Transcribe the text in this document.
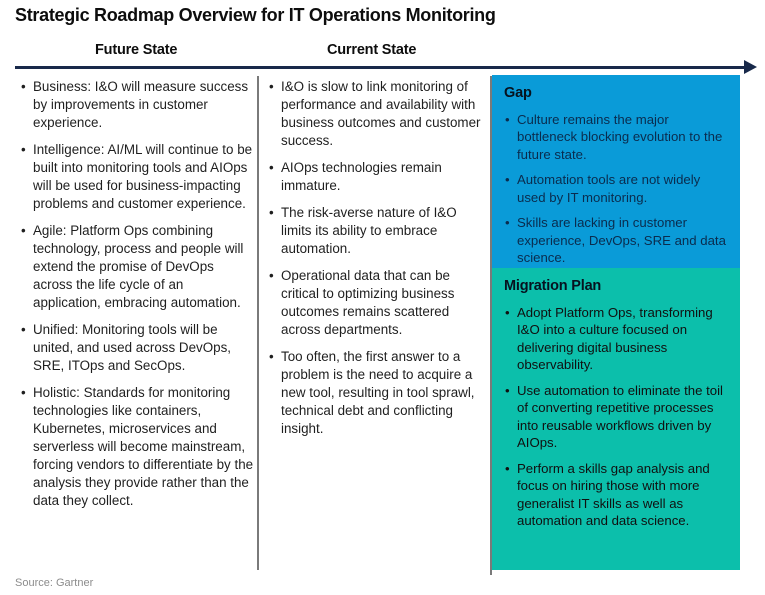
Strategic Roadmap Overview for IT Operations Monitoring
Future State	Current State
• Business: I&O will measure success by improvements in customer experience.
• Intelligence: AI/ML will continue to be built into monitoring tools and AIOps will be used for business-impacting problems and customer experience.
• Agile: Platform Ops combining technology, process and people will extend the promise of DevOps across the life cycle of an application, embracing automation.
• Unified: Monitoring tools will be united, and used across DevOps, SRE, ITOps and SecOps.
• Holistic: Standards for monitoring technologies like containers, Kubernetes, microservices and serverless will become mainstream, forcing vendors to differentiate by the analysis they provide rather than the data they collect.
• I&O is slow to link monitoring of performance and availability with business outcomes and customer success.
• AIOps technologies remain immature.
• The risk-averse nature of I&O limits its ability to embrace automation.
• Operational data that can be critical to optimizing business outcomes remains scattered across departments.
• Too often, the first answer to a problem is the need to acquire a new tool, resulting in tool sprawl, technical debt and conflicting insight.
Gap
• Culture remains the major bottleneck blocking evolution to the future state.
• Automation tools are not widely used by IT monitoring.
• Skills are lacking in customer experience, DevOps, SRE and data science.
Migration Plan
• Adopt Platform Ops, transforming I&O into a culture focused on delivering digital business observability.
• Use automation to eliminate the toil of converting repetitive processes into reusable workflows driven by AIOps.
• Perform a skills gap analysis and focus on hiring those with more generalist IT skills as well as automation and data science.
Source: Gartner
